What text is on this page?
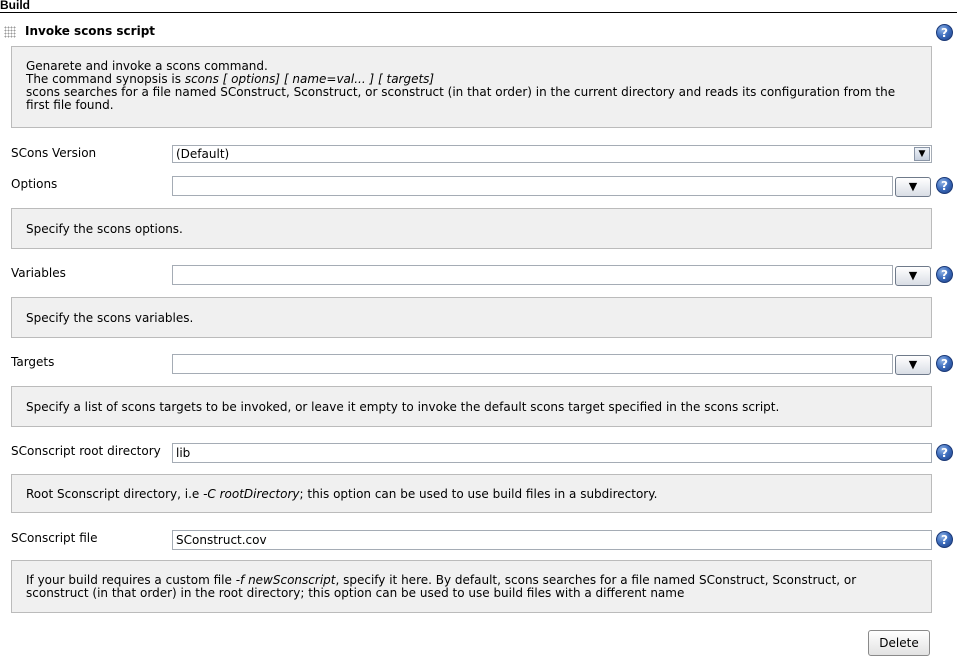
Build
Invoke scons script	?
Genarete and invoke a scons command.
The command synopsis is scons [ options] [ name=val... ] [ targets]
scons searches for a file named SConstruct, Sconstruct, or sconstruct (in that order) in the current directory and reads its configuration from the first file found.
SCons Version	(Default)	▼
Options	▼	?
Specify the scons options.
Variables	▼	?
Specify the scons variables.
Targets	▼	?
Specify a list of scons targets to be invoked, or leave it empty to invoke the default scons target specified in the scons script.
SConscript root directory	lib	?
Root Sconscript directory, i.e -C rootDirectory; this option can be used to use build files in a subdirectory.
SConscript file	SConstruct.cov	?
If your build requires a custom file -f newSconscript, specify it here. By default, scons searches for a file named SConstruct, Sconstruct, or sconstruct (in that order) in the root directory; this option can be used to use build files with a different name
Delete
